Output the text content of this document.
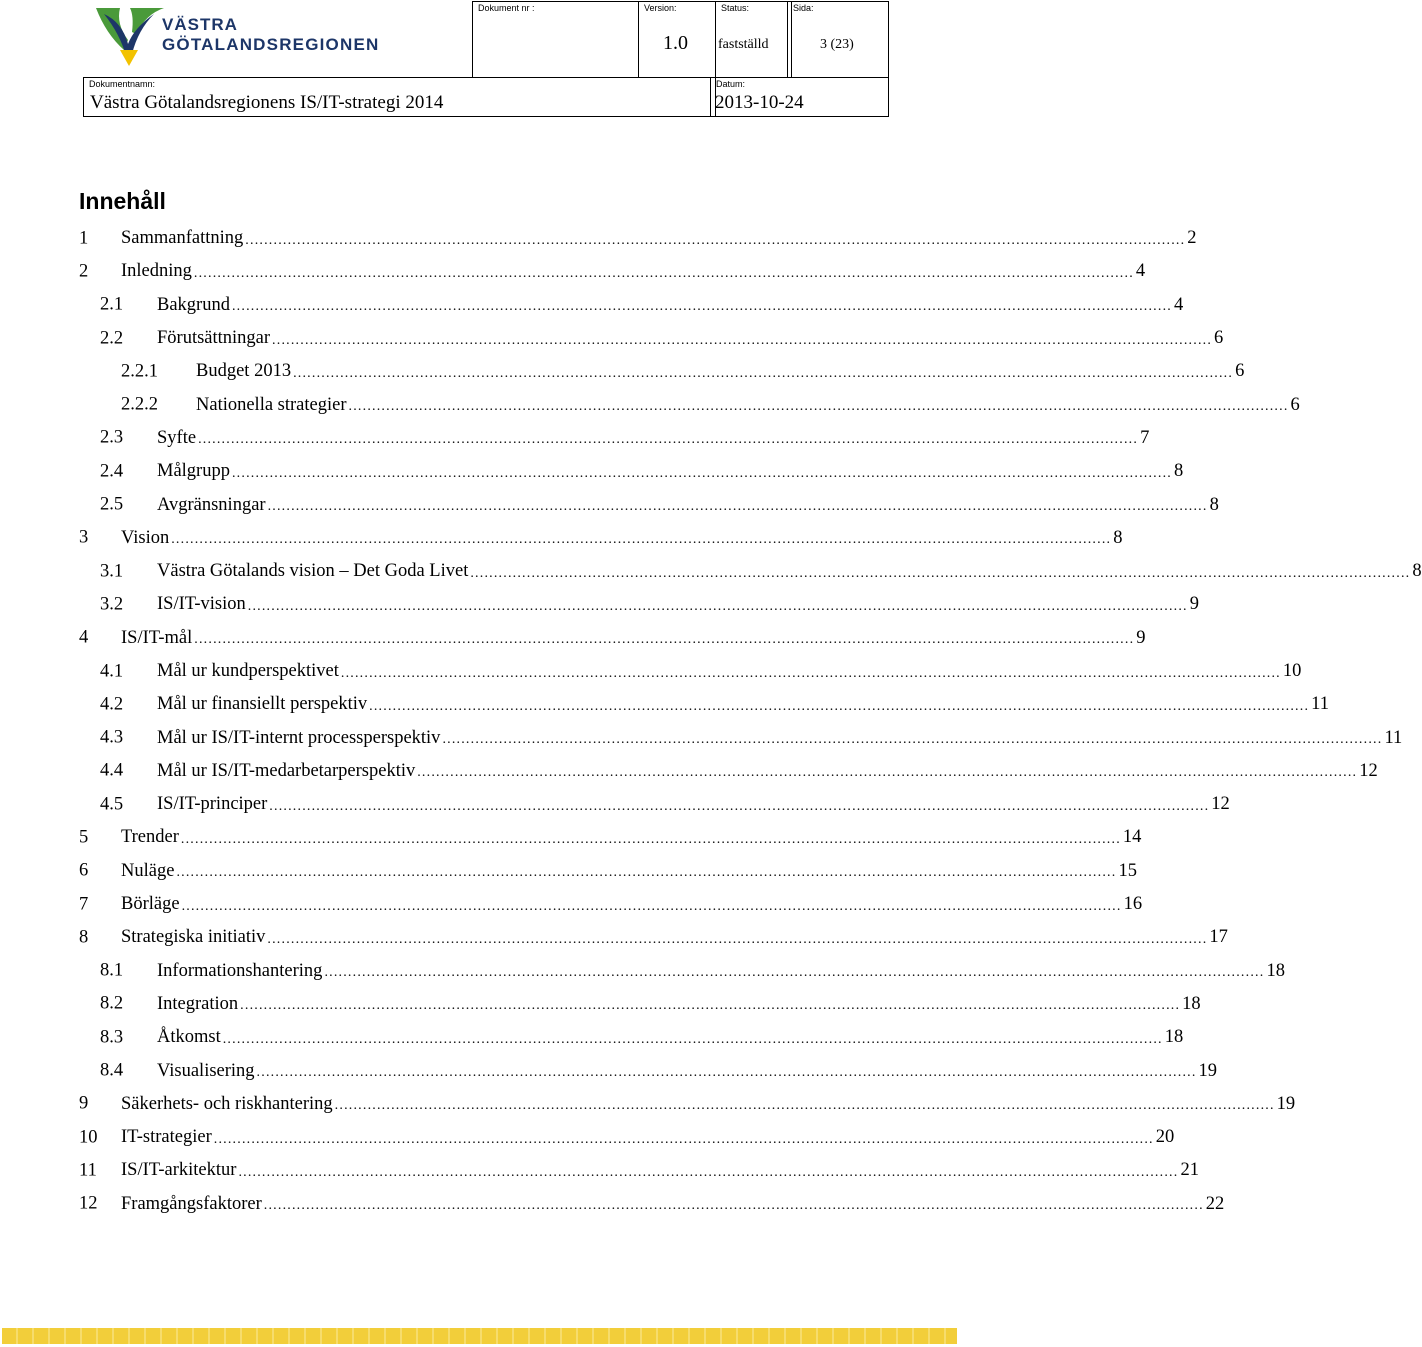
VÄSTRA
GÖTALANDSREGIONEN
Dokument nr :	Version:
1.0
Status:
fastställd
Sida:
3 (23)
Dokumentnamn:
Västra Götalandsregionens IS/IT-strategi 2014
Datum:
2013-10-24
Innehåll
1 Sammanfattning ........................................................................................................................................................................................................ 2
2 Inledning ........................................................................................................................................................................................................ 4
2.1 Bakgrund ........................................................................................................................................................................................................ 4
2.2 Förutsättningar ........................................................................................................................................................................................................ 6
2.2.1 Budget 2013 ........................................................................................................................................................................................................ 6
2.2.2 Nationella strategier ........................................................................................................................................................................................................ 6
2.3 Syfte ........................................................................................................................................................................................................ 7
2.4 Målgrupp ........................................................................................................................................................................................................ 8
2.5 Avgränsningar ........................................................................................................................................................................................................ 8
3 Vision ........................................................................................................................................................................................................ 8
3.1 Västra Götalands vision – Det Goda Livet ........................................................................................................................................................................................................ 8
3.2 IS/IT-vision ........................................................................................................................................................................................................ 9
4 IS/IT-mål ........................................................................................................................................................................................................ 9
4.1 Mål ur kundperspektivet ........................................................................................................................................................................................................ 10
4.2 Mål ur finansiellt perspektiv ........................................................................................................................................................................................................ 11
4.3 Mål ur IS/IT-internt processperspektiv ........................................................................................................................................................................................................ 11
4.4 Mål ur IS/IT-medarbetarperspektiv ........................................................................................................................................................................................................ 12
4.5 IS/IT-principer ........................................................................................................................................................................................................ 12
5 Trender ........................................................................................................................................................................................................ 14
6 Nuläge ........................................................................................................................................................................................................ 15
7 Börläge ........................................................................................................................................................................................................ 16
8 Strategiska initiativ ........................................................................................................................................................................................................ 17
8.1 Informationshantering ........................................................................................................................................................................................................ 18
8.2 Integration ........................................................................................................................................................................................................ 18
8.3 Åtkomst ........................................................................................................................................................................................................ 18
8.4 Visualisering ........................................................................................................................................................................................................ 19
9 Säkerhets- och riskhantering ........................................................................................................................................................................................................ 19
10 IT-strategier ........................................................................................................................................................................................................ 20
11 IS/IT-arkitektur ........................................................................................................................................................................................................ 21
12 Framgångsfaktorer ........................................................................................................................................................................................................ 22
